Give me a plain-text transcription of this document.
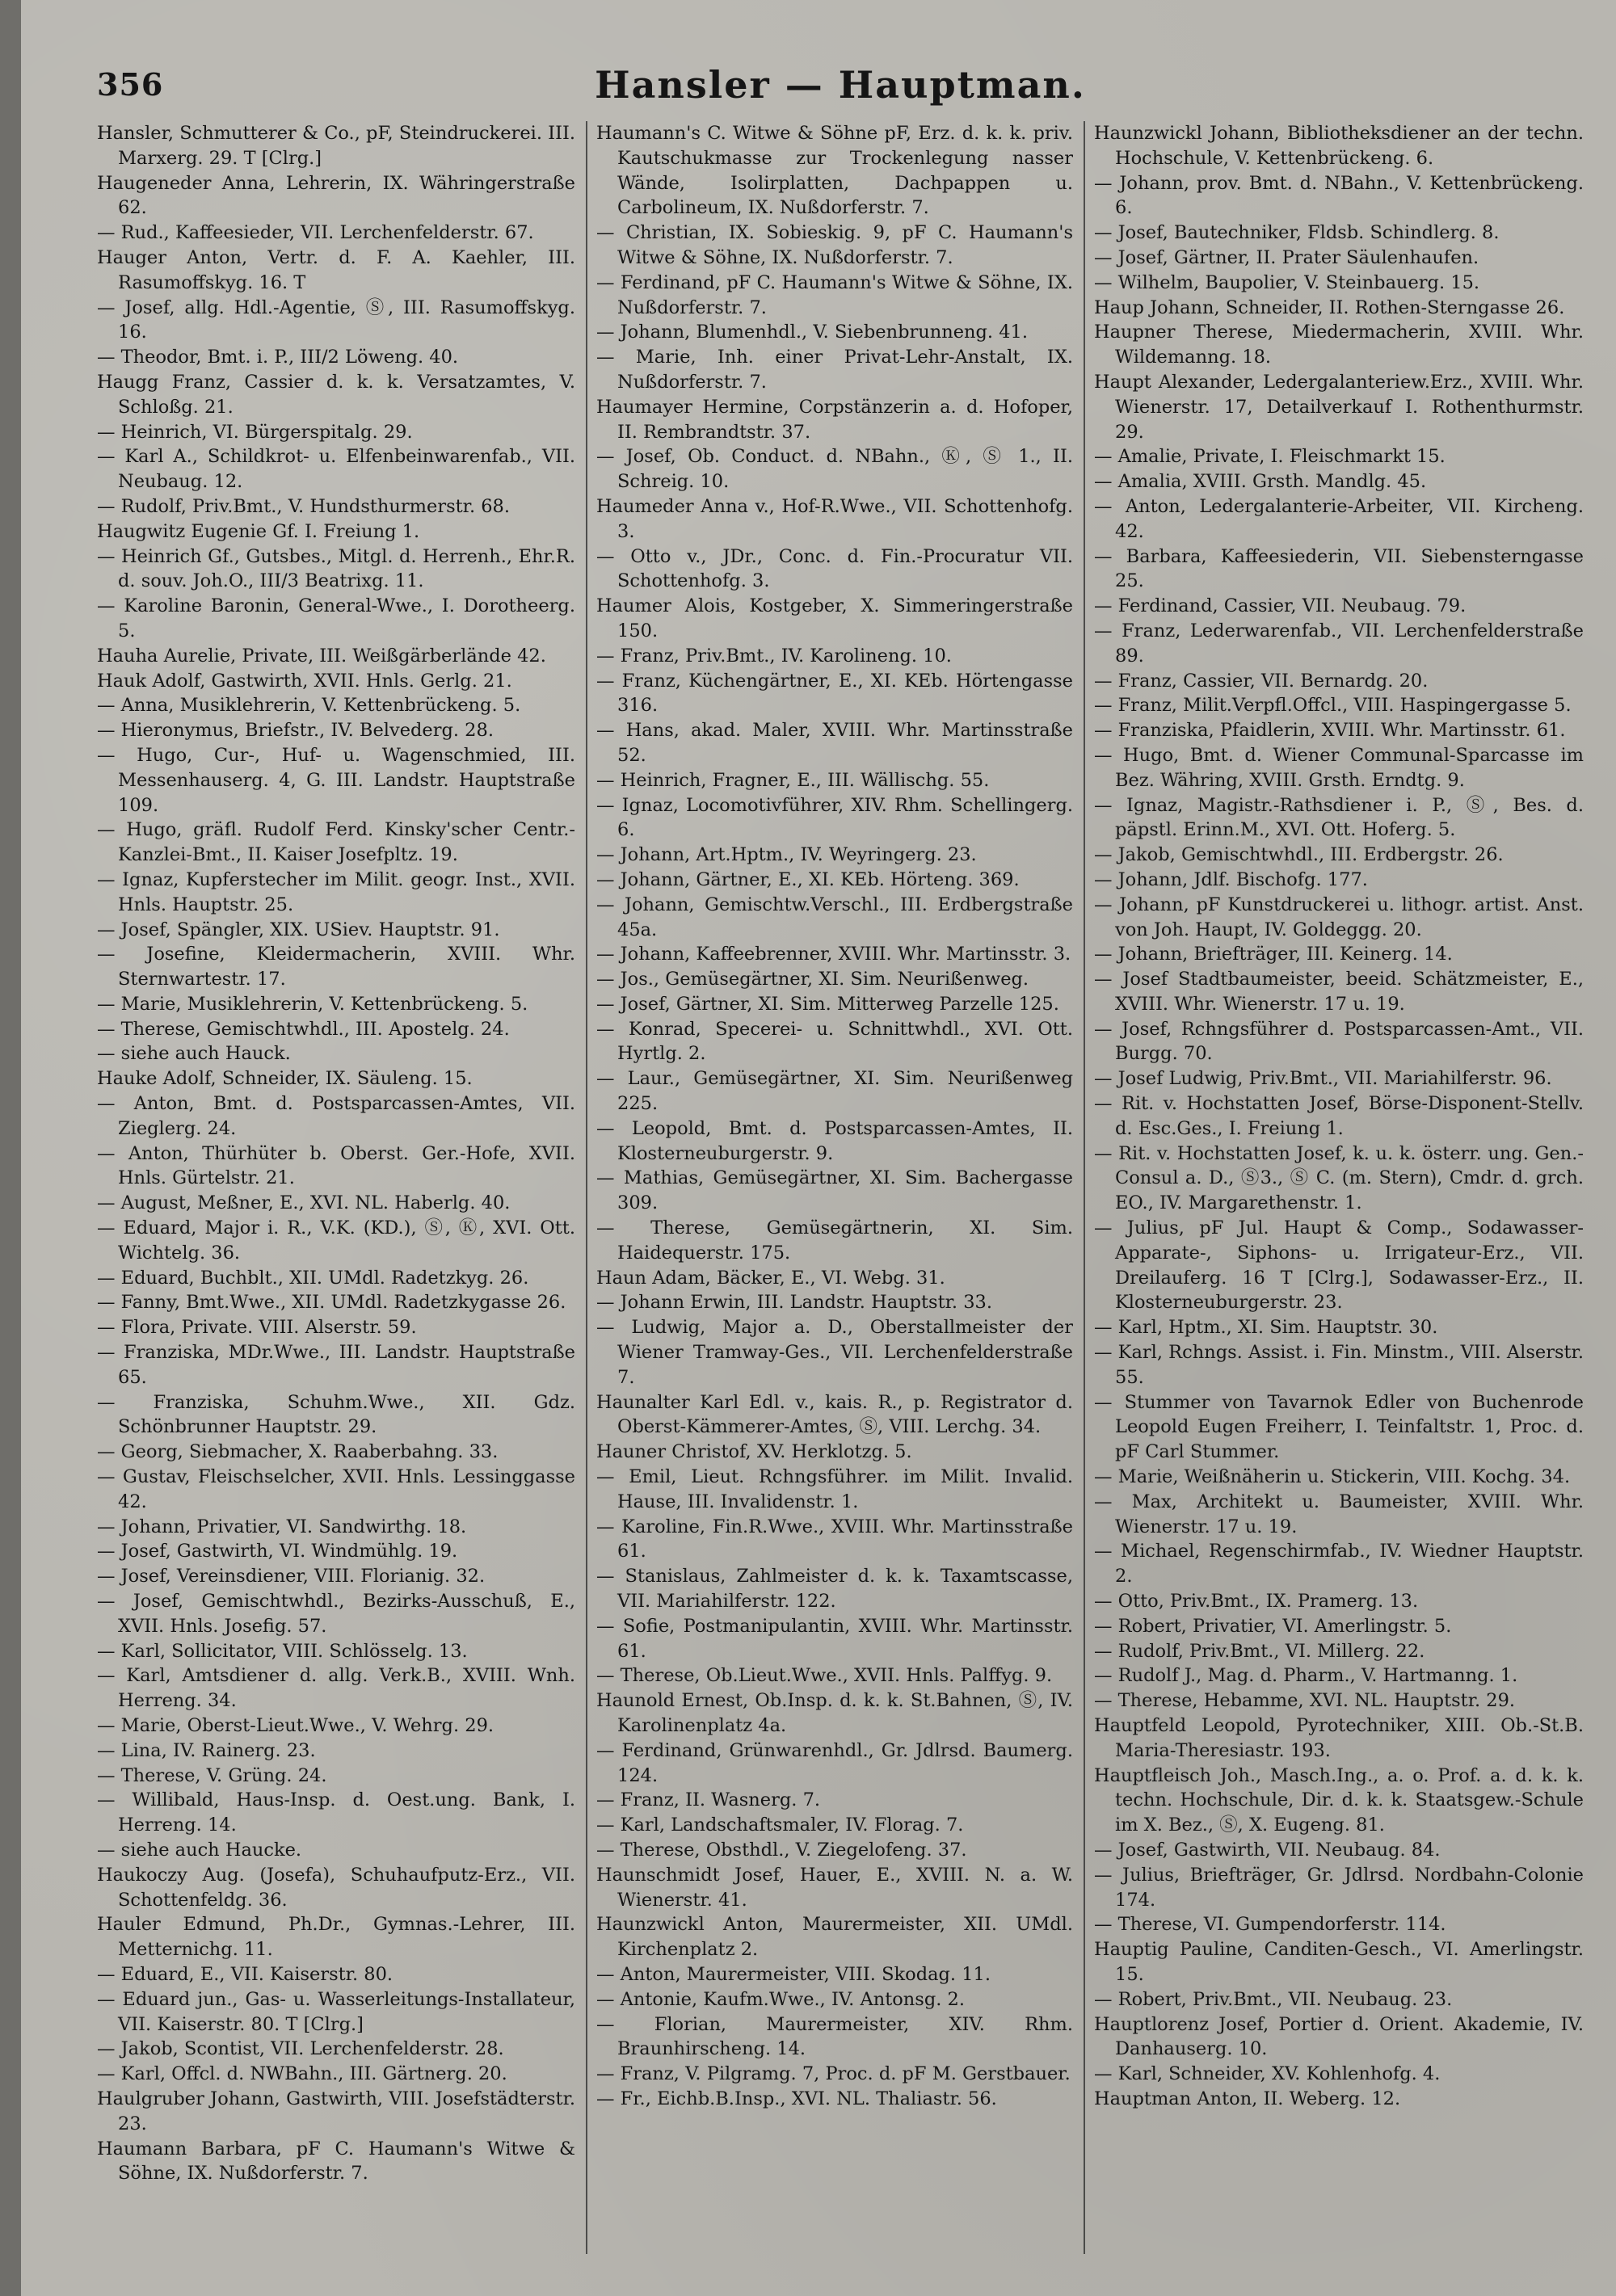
356	Hansler — Hauptman.

Hansler, Schmutterer & Co., pF, Steindruckerei. III. Marxerg. 29. T [Clrg.]

Haugeneder Anna, Lehrerin, IX. Währingerstraße 62.

— Rud., Kaffeesieder, VII. Lerchenfelderstr. 67.

Hauger Anton, Vertr. d. F. A. Kaehler, III. Rasumoffskyg. 16. T

— Josef, allg. Hdl.-Agentie, Ⓢ, III. Rasumoffskyg. 16.

— Theodor, Bmt. i. P., III/2 Löweng. 40.

Haugg Franz, Cassier d. k. k. Versatzamtes, V. Schloßg. 21.

— Heinrich, VI. Bürgerspitalg. 29.

— Karl A., Schildkrot- u. Elfenbeinwarenfab., VII. Neubaug. 12.

— Rudolf, Priv.Bmt., V. Hundsthurmerstr. 68.

Haugwitz Eugenie Gf. I. Freiung 1.

— Heinrich Gf., Gutsbes., Mitgl. d. Herrenh., Ehr.R. d. souv. Joh.O., III/3 Beatrixg. 11.

— Karoline Baronin, General-Wwe., I. Dorotheerg. 5.

Hauha Aurelie, Private, III. Weißgärberlände 42.

Hauk Adolf, Gastwirth, XVII. Hnls. Gerlg. 21.

— Anna, Musiklehrerin, V. Kettenbrückeng. 5.

— Hieronymus, Briefstr., IV. Belvederg. 28.

— Hugo, Cur-, Huf- u. Wagenschmied, III. Messenhauserg. 4, G. III. Landstr. Hauptstraße 109.

— Hugo, gräfl. Rudolf Ferd. Kinsky'scher Centr.-Kanzlei-Bmt., II. Kaiser Josefpltz. 19.

— Ignaz, Kupferstecher im Milit. geogr. Inst., XVII. Hnls. Hauptstr. 25.

— Josef, Spängler, XIX. USiev. Hauptstr. 91.

— Josefine, Kleidermacherin, XVIII. Whr. Sternwartestr. 17.

— Marie, Musiklehrerin, V. Kettenbrückeng. 5.

— Therese, Gemischtwhdl., III. Apostelg. 24.

— siehe auch Hauck.

Hauke Adolf, Schneider, IX. Säuleng. 15.

— Anton, Bmt. d. Postsparcassen-Amtes, VII. Zieglerg. 24.

— Anton, Thürhüter b. Oberst. Ger.-Hofe, XVII. Hnls. Gürtelstr. 21.

— August, Meßner, E., XVI. NL. Haberlg. 40.

— Eduard, Major i. R., V.K. (KD.), Ⓢ, Ⓚ, XVI. Ott. Wichtelg. 36.

— Eduard, Buchblt., XII. UMdl. Radetzkyg. 26.

— Fanny, Bmt.Wwe., XII. UMdl. Radetzkygasse 26.

— Flora, Private. VIII. Alserstr. 59.

— Franziska, MDr.Wwe., III. Landstr. Hauptstraße 65.

— Franziska, Schuhm.Wwe., XII. Gdz. Schönbrunner Hauptstr. 29.

— Georg, Siebmacher, X. Raaberbahng. 33.

— Gustav, Fleischselcher, XVII. Hnls. Lessinggasse 42.

— Johann, Privatier, VI. Sandwirthg. 18.

— Josef, Gastwirth, VI. Windmühlg. 19.

— Josef, Vereinsdiener, VIII. Florianig. 32.

— Josef, Gemischtwhdl., Bezirks-Ausschuß, E., XVII. Hnls. Josefig. 57.

— Karl, Sollicitator, VIII. Schlösselg. 13.

— Karl, Amtsdiener d. allg. Verk.B., XVIII. Wnh. Herreng. 34.

— Marie, Oberst-Lieut.Wwe., V. Wehrg. 29.

— Lina, IV. Rainerg. 23.

— Therese, V. Grüng. 24.

— Willibald, Haus-Insp. d. Oest.ung. Bank, I. Herreng. 14.

— siehe auch Haucke.

Haukoczy Aug. (Josefa), Schuhaufputz-Erz., VII. Schottenfeldg. 36.

Hauler Edmund, Ph.Dr., Gymnas.-Lehrer, III. Metternichg. 11.

— Eduard, E., VII. Kaiserstr. 80.

— Eduard jun., Gas- u. Wasserleitungs-Installateur, VII. Kaiserstr. 80. T [Clrg.]

— Jakob, Scontist, VII. Lerchenfelderstr. 28.

— Karl, Offcl. d. NWBahn., III. Gärtnerg. 20.

Haulgruber Johann, Gastwirth, VIII. Josefstädterstr. 23.

Haumann Barbara, pF C. Haumann's Witwe & Söhne, IX. Nußdorferstr. 7.

Haumann's C. Witwe & Söhne pF, Erz. d. k. k. priv. Kautschukmasse zur Trockenlegung nasser Wände, Isolirplatten, Dachpappen u. Carbolineum, IX. Nußdorferstr. 7.

— Christian, IX. Sobieskig. 9, pF C. Haumann's Witwe & Söhne, IX. Nußdorferstr. 7.

— Ferdinand, pF C. Haumann's Witwe & Söhne, IX. Nußdorferstr. 7.

— Johann, Blumenhdl., V. Siebenbrunneng. 41.

— Marie, Inh. einer Privat-Lehr-Anstalt, IX. Nußdorferstr. 7.

Haumayer Hermine, Corpstänzerin a. d. Hofoper, II. Rembrandtstr. 37.

— Josef, Ob. Conduct. d. NBahn., Ⓚ, Ⓢ 1., II. Schreig. 10.

Haumeder Anna v., Hof-R.Wwe., VII. Schottenhofg. 3.

— Otto v., JDr., Conc. d. Fin.-Procuratur VII. Schottenhofg. 3.

Haumer Alois, Kostgeber, X. Simmeringerstraße 150.

— Franz, Priv.Bmt., IV. Karolineng. 10.

— Franz, Küchengärtner, E., XI. KEb. Hörtengasse 316.

— Hans, akad. Maler, XVIII. Whr. Martinsstraße 52.

— Heinrich, Fragner, E., III. Wällischg. 55.

— Ignaz, Locomotivführer, XIV. Rhm. Schellingerg. 6.

— Johann, Art.Hptm., IV. Weyringerg. 23.

— Johann, Gärtner, E., XI. KEb. Hörteng. 369.

— Johann, Gemischtw.Verschl., III. Erdbergstraße 45a.

— Johann, Kaffeebrenner, XVIII. Whr. Martinsstr. 3.

— Jos., Gemüsegärtner, XI. Sim. Neurißenweg.

— Josef, Gärtner, XI. Sim. Mitterweg Parzelle 125.

— Konrad, Specerei- u. Schnittwhdl., XVI. Ott. Hyrtlg. 2.

— Laur., Gemüsegärtner, XI. Sim. Neurißenweg 225.

— Leopold, Bmt. d. Postsparcassen-Amtes, II. Klosterneuburgerstr. 9.

— Mathias, Gemüsegärtner, XI. Sim. Bachergasse 309.

— Therese, Gemüsegärtnerin, XI. Sim. Haidequerstr. 175.

Haun Adam, Bäcker, E., VI. Webg. 31.

— Johann Erwin, III. Landstr. Hauptstr. 33.

— Ludwig, Major a. D., Oberstallmeister der Wiener Tramway-Ges., VII. Lerchenfelderstraße 7.

Haunalter Karl Edl. v., kais. R., p. Registrator d. Oberst-Kämmerer-Amtes, Ⓢ, VIII. Lerchg. 34.

Hauner Christof, XV. Herklotzg. 5.

— Emil, Lieut. Rchngsführer. im Milit. Invalid. Hause, III. Invalidenstr. 1.

— Karoline, Fin.R.Wwe., XVIII. Whr. Martinsstraße 61.

— Stanislaus, Zahlmeister d. k. k. Taxamtscasse, VII. Mariahilferstr. 122.

— Sofie, Postmanipulantin, XVIII. Whr. Martinsstr. 61.

— Therese, Ob.Lieut.Wwe., XVII. Hnls. Palffyg. 9.

Haunold Ernest, Ob.Insp. d. k. k. St.Bahnen, Ⓢ, IV. Karolinenplatz 4a.

— Ferdinand, Grünwarenhdl., Gr. Jdlrsd. Baumerg. 124.

— Franz, II. Wasnerg. 7.

— Karl, Landschaftsmaler, IV. Florag. 7.

— Therese, Obsthdl., V. Ziegelofeng. 37.

Haunschmidt Josef, Hauer, E., XVIII. N. a. W. Wienerstr. 41.

Haunzwickl Anton, Maurermeister, XII. UMdl. Kirchenplatz 2.

— Anton, Maurermeister, VIII. Skodag. 11.

— Antonie, Kaufm.Wwe., IV. Antonsg. 2.

— Florian, Maurermeister, XIV. Rhm. Braunhirscheng. 14.

— Franz, V. Pilgramg. 7, Proc. d. pF M. Gerstbauer.

— Fr., Eichb.B.Insp., XVI. NL. Thaliastr. 56.

Haunzwickl Johann, Bibliotheksdiener an der techn. Hochschule, V. Kettenbrückeng. 6.

— Johann, prov. Bmt. d. NBahn., V. Kettenbrückeng. 6.

— Josef, Bautechniker, Fldsb. Schindlerg. 8.

— Josef, Gärtner, II. Prater Säulenhaufen.

— Wilhelm, Baupolier, V. Steinbauerg. 15.

Haup Johann, Schneider, II. Rothen-Sterngasse 26.

Haupner Therese, Miedermacherin, XVIII. Whr. Wildemanng. 18.

Haupt Alexander, Ledergalanteriew.Erz., XVIII. Whr. Wienerstr. 17, Detailverkauf I. Rothenthurmstr. 29.

— Amalie, Private, I. Fleischmarkt 15.

— Amalia, XVIII. Grsth. Mandlg. 45.

— Anton, Ledergalanterie-Arbeiter, VII. Kircheng. 42.

— Barbara, Kaffeesiederin, VII. Siebensterngasse 25.

— Ferdinand, Cassier, VII. Neubaug. 79.

— Franz, Lederwarenfab., VII. Lerchenfelderstraße 89.

— Franz, Cassier, VII. Bernardg. 20.

— Franz, Milit.Verpfl.Offcl., VIII. Haspingergasse 5.

— Franziska, Pfaidlerin, XVIII. Whr. Martinsstr. 61.

— Hugo, Bmt. d. Wiener Communal-Sparcasse im Bez. Währing, XVIII. Grsth. Erndtg. 9.

— Ignaz, Magistr.-Rathsdiener i. P., Ⓢ, Bes. d. päpstl. Erinn.M., XVI. Ott. Hoferg. 5.

— Jakob, Gemischtwhdl., III. Erdbergstr. 26.

— Johann, Jdlf. Bischofg. 177.

— Johann, pF Kunstdruckerei u. lithogr. artist. Anst. von Joh. Haupt, IV. Goldeggg. 20.

— Johann, Briefträger, III. Keinerg. 14.

— Josef Stadtbaumeister, beeid. Schätzmeister, E., XVIII. Whr. Wienerstr. 17 u. 19.

— Josef, Rchngsführer d. Postsparcassen-Amt., VII. Burgg. 70.

— Josef Ludwig, Priv.Bmt., VII. Mariahilferstr. 96.

— Rit. v. Hochstatten Josef, Börse-Disponent-Stellv. d. Esc.Ges., I. Freiung 1.

— Rit. v. Hochstatten Josef, k. u. k. österr. ung. Gen.-Consul a. D., Ⓢ3., Ⓢ C. (m. Stern), Cmdr. d. grch. EO., IV. Margarethenstr. 1.

— Julius, pF Jul. Haupt & Comp., Sodawasser-Apparate-, Siphons- u. Irrigateur-Erz., VII. Dreilauferg. 16 T [Clrg.], Sodawasser-Erz., II. Klosterneuburgerstr. 23.

— Karl, Hptm., XI. Sim. Hauptstr. 30.

— Karl, Rchngs. Assist. i. Fin. Minstm., VIII. Alserstr. 55.

— Stummer von Tavarnok Edler von Buchenrode Leopold Eugen Freiherr, I. Teinfaltstr. 1, Proc. d. pF Carl Stummer.

— Marie, Weißnäherin u. Stickerin, VIII. Kochg. 34.

— Max, Architekt u. Baumeister, XVIII. Whr. Wienerstr. 17 u. 19.

— Michael, Regenschirmfab., IV. Wiedner Hauptstr. 2.

— Otto, Priv.Bmt., IX. Pramerg. 13.

— Robert, Privatier, VI. Amerlingstr. 5.

— Rudolf, Priv.Bmt., VI. Millerg. 22.

— Rudolf J., Mag. d. Pharm., V. Hartmanng. 1.

— Therese, Hebamme, XVI. NL. Hauptstr. 29.

Hauptfeld Leopold, Pyrotechniker, XIII. Ob.-St.B. Maria-Theresiastr. 193.

Hauptfleisch Joh., Masch.Ing., a. o. Prof. a. d. k. k. techn. Hochschule, Dir. d. k. k. Staatsgew.-Schule im X. Bez., Ⓢ, X. Eugeng. 81.

— Josef, Gastwirth, VII. Neubaug. 84.

— Julius, Briefträger, Gr. Jdlrsd. Nordbahn-Colonie 174.

— Therese, VI. Gumpendorferstr. 114.

Hauptig Pauline, Canditen-Gesch., VI. Amerlingstr. 15.

— Robert, Priv.Bmt., VII. Neubaug. 23.

Hauptlorenz Josef, Portier d. Orient. Akademie, IV. Danhauserg. 10.

— Karl, Schneider, XV. Kohlenhofg. 4.

Hauptman Anton, II. Weberg. 12.
